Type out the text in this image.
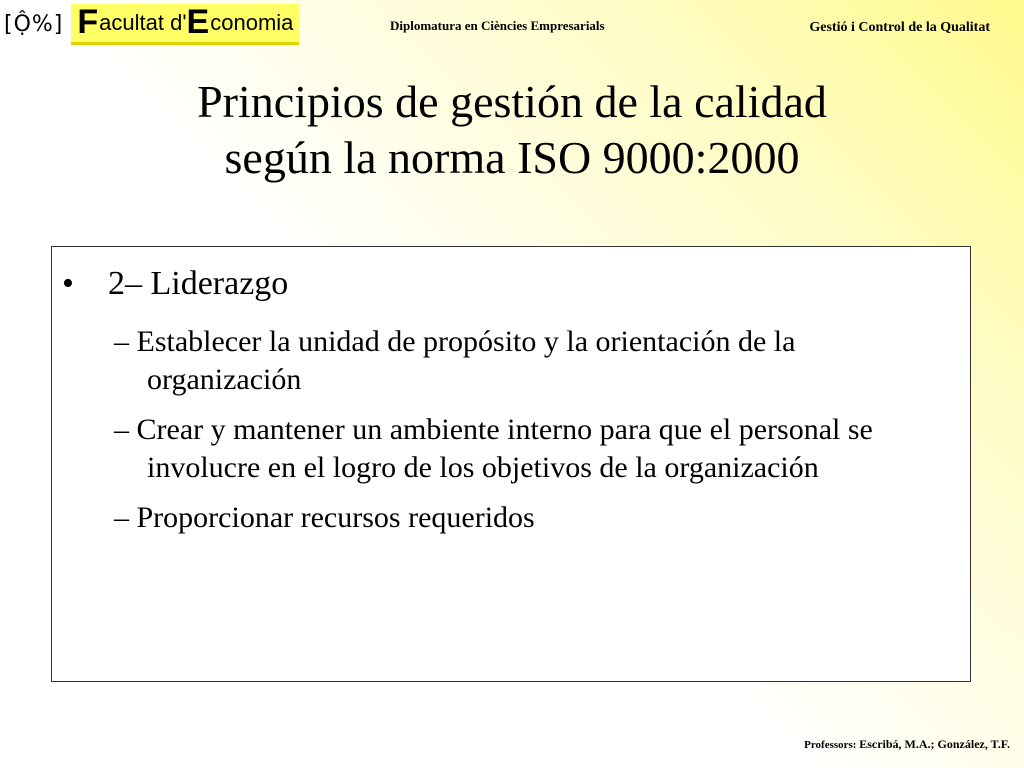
[Ộ%] F acultat d' E conomia	Diplomatura en Ciències Empresarials	Gestió i Control de la Qualitat
Principios de gestión de la calidad
según la norma ISO 9000:2000
•	2– Liderazgo
– Establecer la unidad de propósito y la orientación de la organización
– Crear y mantener un ambiente interno para que el personal se involucre en el logro de los objetivos de la organización
– Proporcionar recursos requeridos
Professors: Escribá, M.A.; González, T.F.
